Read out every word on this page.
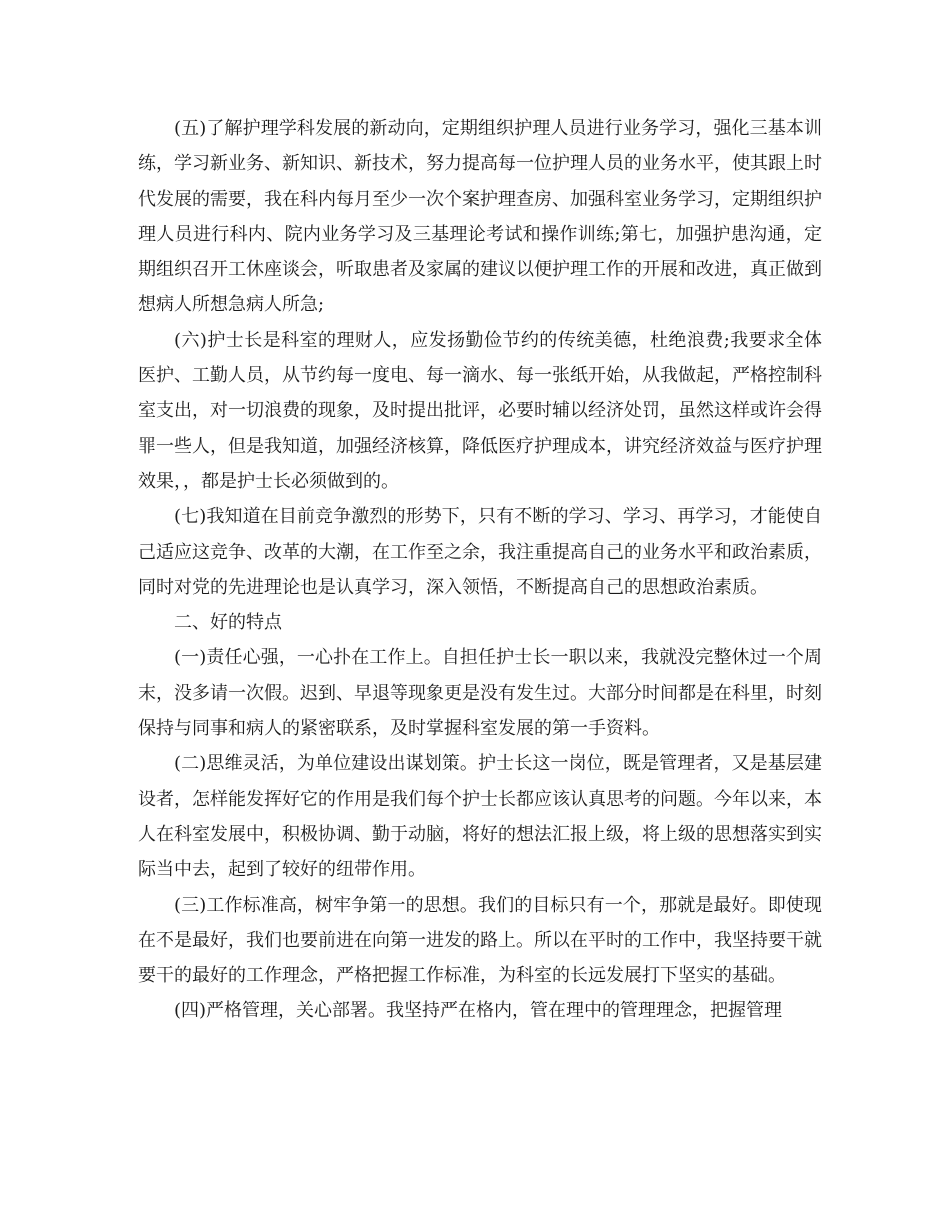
(五)了解护理学科发展的新动向，定期组织护理人员进行业务学习，强化三基本训练，学习新业务、新知识、新技术，努力提高每一位护理人员的业务水平，使其跟上时代发展的需要，我在科内每月至少一次个案护理查房、加强科室业务学习，定期组织护理人员进行科内、院内业务学习及三基理论考试和操作训练;第七，加强护患沟通，定期组织召开工休座谈会，听取患者及家属的建议以便护理工作的开展和改进，真正做到想病人所想急病人所急;

(六)护士长是科室的理财人，应发扬勤俭节约的传统美德，杜绝浪费;我要求全体医护、工勤人员，从节约每一度电、每一滴水、每一张纸开始，从我做起，严格控制科室支出，对一切浪费的现象，及时提出批评，必要时辅以经济处罚，虽然这样或许会得罪一些人，但是我知道，加强经济核算，降低医疗护理成本，讲究经济效益与医疗护理效果，，都是护士长必须做到的。

(七)我知道在目前竞争激烈的形势下，只有不断的学习、学习、再学习，才能使自己适应这竞争、改革的大潮，在工作至之余，我注重提高自己的业务水平和政治素质，同时对党的先进理论也是认真学习，深入领悟，不断提高自己的思想政治素质。

二、好的特点

(一)责任心强，一心扑在工作上。自担任护士长一职以来，我就没完整休过一个周末，没多请一次假。迟到、早退等现象更是没有发生过。大部分时间都是在科里，时刻保持与同事和病人的紧密联系，及时掌握科室发展的第一手资料。

(二)思维灵活，为单位建设出谋划策。护士长这一岗位，既是管理者，又是基层建设者，怎样能发挥好它的作用是我们每个护士长都应该认真思考的问题。今年以来，本人在科室发展中，积极协调、勤于动脑，将好的想法汇报上级，将上级的思想落实到实际当中去，起到了较好的纽带作用。

(三)工作标准高，树牢争第一的思想。我们的目标只有一个，那就是最好。即使现在不是最好，我们也要前进在向第一进发的路上。所以在平时的工作中，我坚持要干就要干的最好的工作理念，严格把握工作标准，为科室的长远发展打下坚实的基础。

(四)严格管理，关心部署。我坚持严在格内，管在理中的管理理念，把握管理
